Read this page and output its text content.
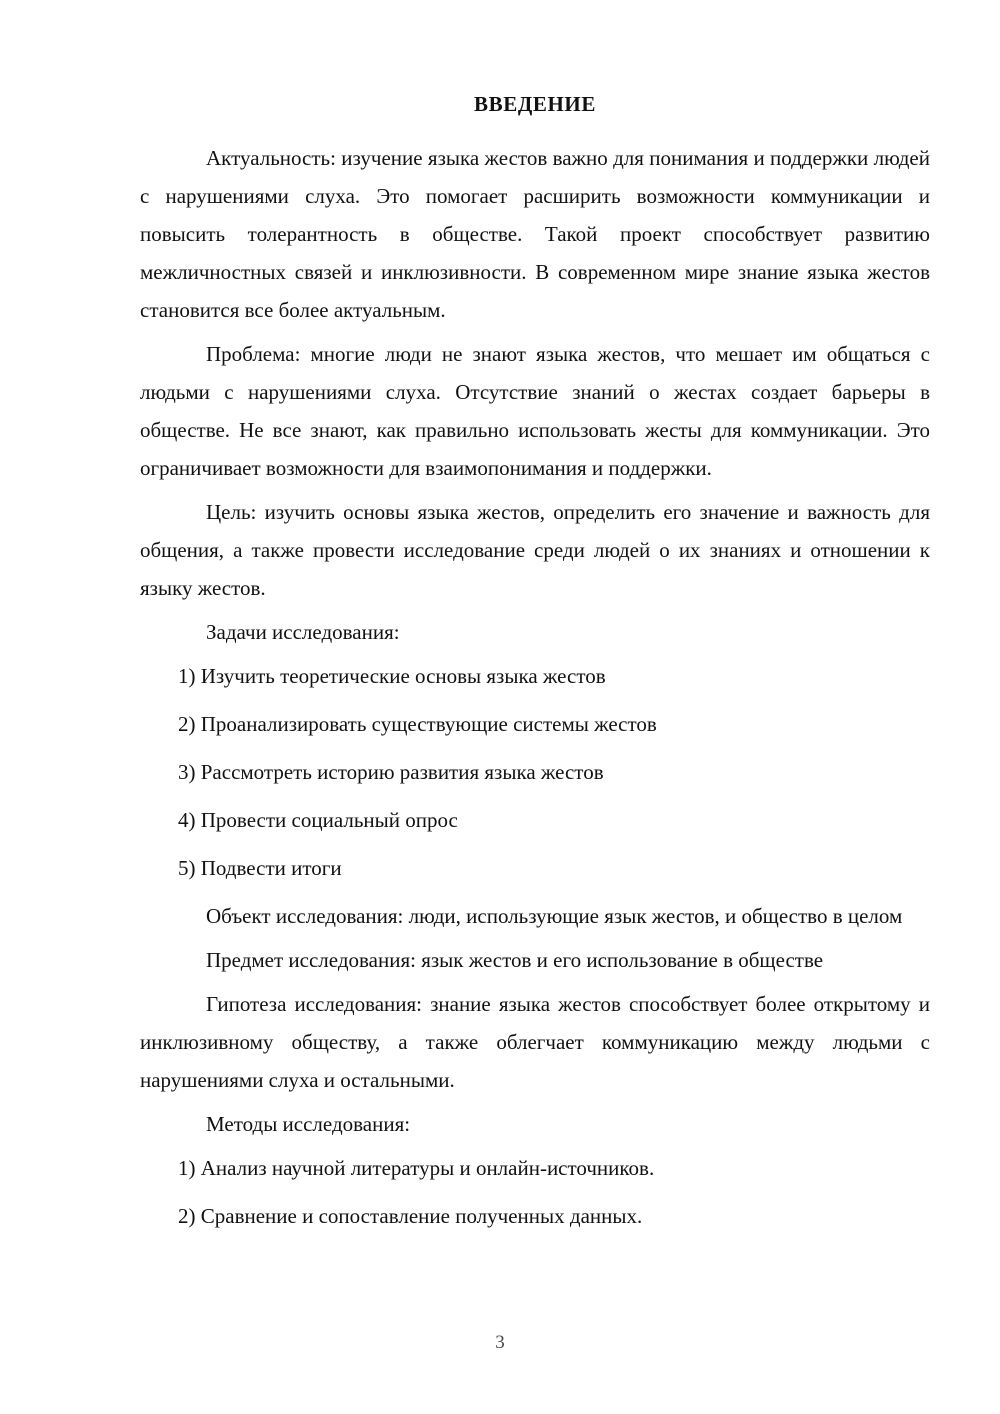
ВВЕДЕНИЕ

Актуальность: изучение языка жестов важно для понимания и поддержки людей с нарушениями слуха. Это помогает расширить возможности коммуникации и повысить толерантность в обществе. Такой проект способствует развитию межличностных связей и инклюзивности. В современном мире знание языка жестов становится все более актуальным.

Проблема: многие люди не знают языка жестов, что мешает им общаться с людьми с нарушениями слуха. Отсутствие знаний о жестах создает барьеры в обществе. Не все знают, как правильно использовать жесты для коммуникации. Это ограничивает возможности для взаимопонимания и поддержки.

Цель: изучить основы языка жестов, определить его значение и важность для общения, а также провести исследование среди людей о их знаниях и отношении к языку жестов.

Задачи исследования:

1) Изучить теоретические основы языка жестов
2) Проанализировать существующие системы жестов
3) Рассмотреть историю развития языка жестов
4) Провести социальный опрос
5) Подвести итоги

Объект исследования: люди, использующие язык жестов, и общество в целом

Предмет исследования: язык жестов и его использование в обществе

Гипотеза исследования: знание языка жестов способствует более открытому и инклюзивному обществу, а также облегчает коммуникацию между людьми с нарушениями слуха и остальными.

Методы исследования:

1) Анализ научной литературы и онлайн-источников.
2) Сравнение и сопоставление полученных данных.
3
